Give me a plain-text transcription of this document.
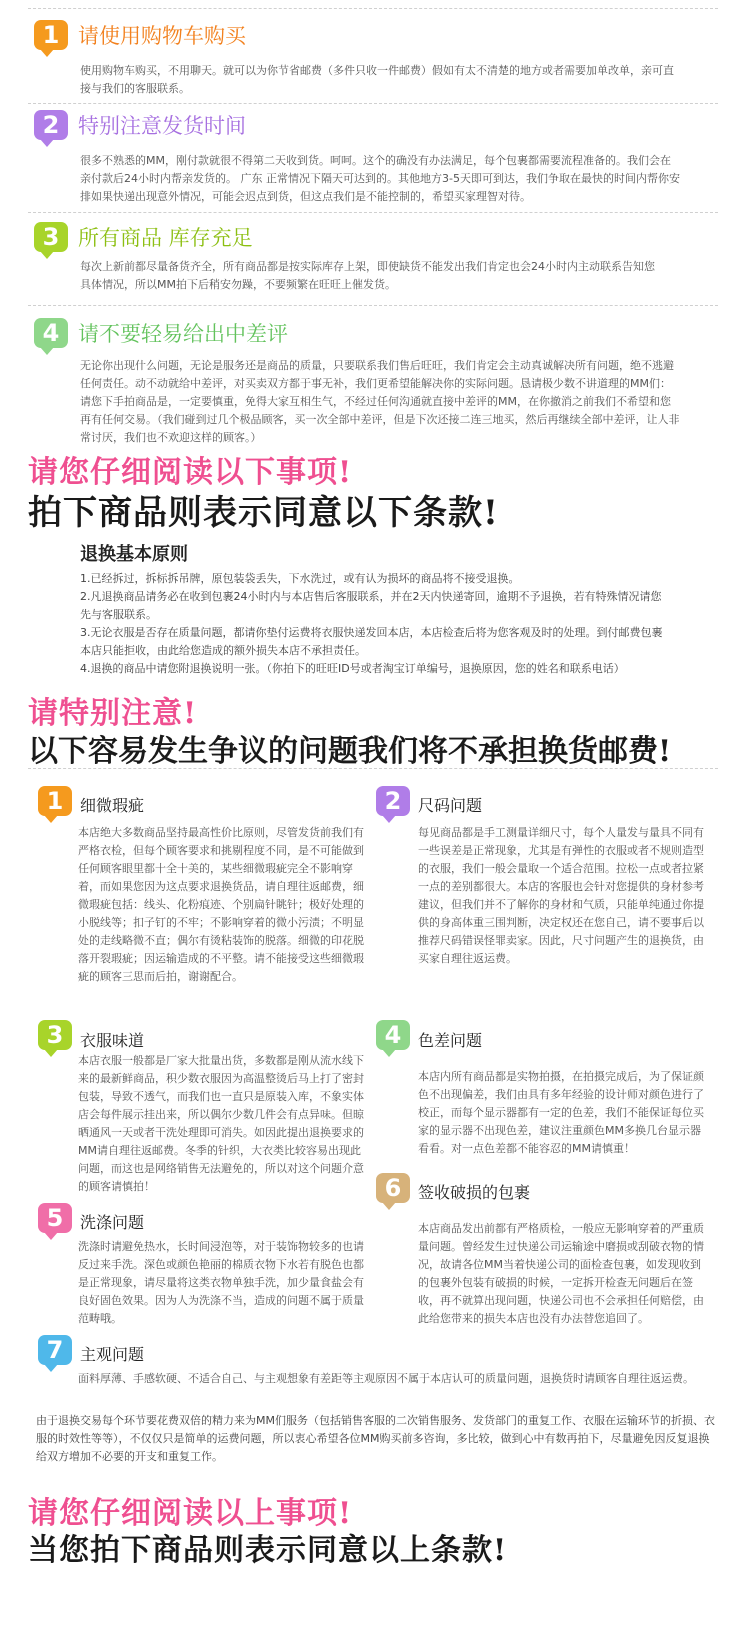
1 请使用购物车购买
使用购物车购买，不用聊天。就可以为你节省邮费（多件只收一件邮费）假如有太不清楚的地方或者需要加单改单，亲可直接与我们的客服联系。
2 特别注意发货时间
很多不熟悉的MM，刚付款就很不得第二天收到货。呵呵。这个的确没有办法满足，每个包裹都需要流程准备的。我们会在亲付款后24小时内帮亲发货的。 广东 正常情况下隔天可达到的。其他地方3-5天即可到达，我们争取在最快的时间内帮你安排如果快递出现意外情况，可能会迟点到货，但这点我们是不能控制的，希望买家理智对待。
3 所有商品 库存充足
每次上新前都尽量备货齐全，所有商品都是按实际库存上架，即使缺货不能发出我们肯定也会24小时内主动联系告知您具体情况，所以MM拍下后稍安勿躁，不要频繁在旺旺上催发货。
4 请不要轻易给出中差评
无论你出现什么问题，无论是服务还是商品的质量，只要联系我们售后旺旺，我们肯定会主动真诚解决所有问题，绝不逃避任何责任。动不动就给中差评，对买卖双方都于事无补，我们更希望能解决你的实际问题。恳请极少数不讲道理的MM们：请您下手拍商品是，一定要慎重，免得大家互相生气，不经过任何沟通就直接中差评的MM，在你撤消之前我们不希望和您再有任何交易。（我们碰到过几个极品顾客，买一次全部中差评，但是下次还接二连三地买，然后再继续全部中差评，让人非常讨厌，我们也不欢迎这样的顾客。）
请您仔细阅读以下事项!
拍下商品则表示同意以下条款!
退换基本原则
1.已经拆过，拆标拆吊牌，原包装袋丢失，下水洗过，或有认为损坏的商品将不接受退换。
2.凡退换商品请务必在收到包裹24小时内与本店售后客服联系，并在2天内快递寄回，逾期不予退换，若有特殊情况请您先与客服联系。
3.无论衣服是否存在质量问题，都请你垫付运费将衣服快递发回本店，本店检查后将为您客观及时的处理。到付邮费包裹本店只能拒收，由此给您造成的额外损失本店不承担责任。
4.退换的商品中请您附退换说明一张。（你拍下的旺旺ID号或者淘宝订单编号，退换原因，您的姓名和联系电话）
请特别注意!
以下容易发生争议的问题我们将不承担换货邮费!
1	细微瑕疵
本店绝大多数商品坚持最高性价比原则，尽管发货前我们有严格衣检，但每个顾客要求和挑剔程度不同，是不可能做到任何顾客眼里都十全十美的，某些细微瑕疵完全不影响穿着，而如果您因为这点要求退换货品，请自理往返邮费，细微瑕疵包括：线头、化粉痕迹、个别扁针眺针；极好处理的小脱线等；扣子钉的不牢；不影响穿着的微小污渍；不明显处的走线略微不直；偶尔有烫粘装饰的脱落。细微的印花脱落开裂瑕疵；因运输造成的不平整。请不能接受这些细微瑕疵的顾客三思而后拍，谢谢配合。
2	尺码问题
每见商品都是手工测量详细尺寸，每个人量发与量具不同有一些误差是正常现象，尤其是有弹性的衣服或者不规则造型的衣服，我们一般会量取一个适合范围。拉松一点或者拉紧一点的差别都很大。本店的客服也会针对您提供的身材参考建议，但我们并不了解你的身材和气质，只能单纯通过你提供的身高体重三围判断，决定权还在您自己，请不要事后以推荐尺码错误怪罪卖家。因此，尺寸问题产生的退换货，由买家自理往返运费。
3	衣服味道
本店衣服一般都是厂家大批量出货，多数都是刚从流水线下来的最新鲜商品，积少数衣服因为高温整烫后马上打了密封包装，导致不透气，而我们也一直只是原装入库，不象实体店会每件展示挂出来，所以偶尔少数几件会有点异味。但晾晒通风一天或者干洗处理即可消失。如因此提出退换要求的MM请自理往返邮费。冬季的针织，大衣类比较容易出现此问题，而这也是网络销售无法避免的，所以对这个问题介意的顾客请慎拍！
4	色差问题
本店内所有商品都是实物拍摄，在拍摄完成后，为了保证颜色不出现偏差，我们由具有多年经验的设计师对颜色进行了校正，而每个显示器都有一定的色差，我们不能保证每位买家的显示器不出现色差，建议注重颜色MM多换几台显示器看看。对一点色差都不能容忍的MM请慎重！
5	洗涤问题
洗涤时请避免热水，长时间浸泡等，对于装饰物较多的也请反过来手洗。深色或颜色艳丽的棉质衣物下水若有脱色也都是正常现象，请尽量将这类衣物单独手洗，加少量食盐会有良好固色效果。因为人为洗涤不当，造成的问题不属于质量范畴哦。
6	签收破损的包裹
本店商品发出前都有严格质检，一般应无影响穿着的严重质量问题。曾经发生过快递公司运输途中磨损或刮破衣物的情况，故请各位MM当着快递公司的面检查包裹，如发现收到的包裹外包装有破损的时候，一定拆开检查无问题后在签收，再不就算出现问题，快递公司也不会承担任何赔偿，由此给您带来的损失本店也没有办法替您追回了。
7	主观问题
面料厚薄、手感软硬、不适合自己、与主观想象有差距等主观原因不属于本店认可的质量问题，退换货时请顾客自理往返运费。
由于退换交易每个环节要花费双倍的精力来为MM们服务（包括销售客服的二次销售服务、发货部门的重复工作、衣服在运输环节的折损、衣服的时效性等等），不仅仅只是简单的运费问题，所以衷心希望各位MM购买前多咨询，多比较，做到心中有数再拍下，尽量避免因反复退换给双方增加不必要的开支和重复工作。
请您仔细阅读以上事项!
当您拍下商品则表示同意以上条款!
